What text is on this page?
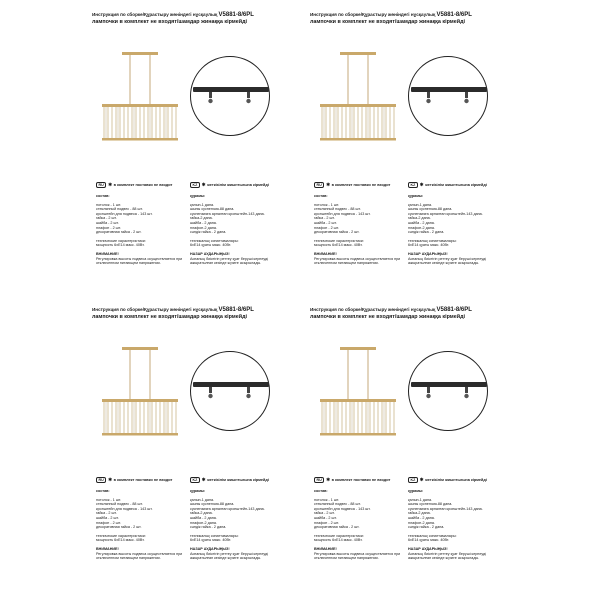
Инструкция по сборке/Құрастыру жөніндегі нұсқаулық V5881-8/6PL
лампочки в комплект не входят/шамдар жинаққа кірмейді
RU ✱ в комплект поставки не входит	KZ ✱ жеткізілім жиынтығына кірмейді
состав:
потолок - 1 шт.
стеклянный подвес - 88 шт.
кронштейн для подвеса - 143 шт.
гайка - 2 шт.
шайба - 2 шт.
плафон - 2 шт.
декоративная гайка - 2 шт.
технические характеристики:
мощность 6хЕ14 макс. 40Вт.
ВНИМАНИЕ!
Регулировка высоты подвеса осуществляется при отключенном питающем напряжении.
құрамы:
қалып-1 дана.
шыны суспензия-88 дана.
суспензияға арналған кронштейн-143 дана.
гайка-2 дана.
шайба - 2 дана.
плафон-2 дана.
сәндік гайка - 2 дана.
техникалық сипаттамалары:
6хЕ14 қуаты макс. 40Вт.
НАЗАР АУДАРЫҢЫЗ!
Аспаның биіктігін реттеу қуат беруші кернеуді ажыратылған кезінде жүзеге асырылады.
Инструкция по сборке/Құрастыру жөніндегі нұсқаулық V5881-8/6PL
лампочки в комплект не входят/шамдар жинаққа кірмейді
RU ✱ в комплект поставки не входит	KZ ✱ жеткізілім жиынтығына кірмейді
состав:
потолок - 1 шт.
стеклянный подвес - 88 шт.
кронштейн для подвеса - 143 шт.
гайка - 2 шт.
шайба - 2 шт.
плафон - 2 шт.
декоративная гайка - 2 шт.
технические характеристики:
мощность 6хЕ14 макс. 40Вт.
ВНИМАНИЕ!
Регулировка высоты подвеса осуществляется при отключенном питающем напряжении.
құрамы:
қалып-1 дана.
шыны суспензия-88 дана.
суспензияға арналған кронштейн-143 дана.
гайка-2 дана.
шайба - 2 дана.
плафон-2 дана.
сәндік гайка - 2 дана.
техникалық сипаттамалары:
6хЕ14 қуаты макс. 40Вт.
НАЗАР АУДАРЫҢЫЗ!
Аспаның биіктігін реттеу қуат беруші кернеуді ажыратылған кезінде жүзеге асырылады.
Инструкция по сборке/Құрастыру жөніндегі нұсқаулық V5881-8/6PL
лампочки в комплект не входят/шамдар жинаққа кірмейді
RU ✱ в комплект поставки не входит	KZ ✱ жеткізілім жиынтығына кірмейді
состав:
потолок - 1 шт.
стеклянный подвес - 88 шт.
кронштейн для подвеса - 143 шт.
гайка - 2 шт.
шайба - 2 шт.
плафон - 2 шт.
декоративная гайка - 2 шт.
технические характеристики:
мощность 6хЕ14 макс. 40Вт.
ВНИМАНИЕ!
Регулировка высоты подвеса осуществляется при отключенном питающем напряжении.
құрамы:
қалып-1 дана.
шыны суспензия-88 дана.
суспензияға арналған кронштейн-143 дана.
гайка-2 дана.
шайба - 2 дана.
плафон-2 дана.
сәндік гайка - 2 дана.
техникалық сипаттамалары:
6хЕ14 қуаты макс. 40Вт.
НАЗАР АУДАРЫҢЫЗ!
Аспаның биіктігін реттеу қуат беруші кернеуді ажыратылған кезінде жүзеге асырылады.
Инструкция по сборке/Құрастыру жөніндегі нұсқаулық V5881-8/6PL
лампочки в комплект не входят/шамдар жинаққа кірмейді
RU ✱ в комплект поставки не входит	KZ ✱ жеткізілім жиынтығына кірмейді
состав:
потолок - 1 шт.
стеклянный подвес - 88 шт.
кронштейн для подвеса - 143 шт.
гайка - 2 шт.
шайба - 2 шт.
плафон - 2 шт.
декоративная гайка - 2 шт.
технические характеристики:
мощность 6хЕ14 макс. 40Вт.
ВНИМАНИЕ!
Регулировка высоты подвеса осуществляется при отключенном питающем напряжении.
құрамы:
қалып-1 дана.
шыны суспензия-88 дана.
суспензияға арналған кронштейн-143 дана.
гайка-2 дана.
шайба - 2 дана.
плафон-2 дана.
сәндік гайка - 2 дана.
техникалық сипаттамалары:
6хЕ14 қуаты макс. 40Вт.
НАЗАР АУДАРЫҢЫЗ!
Аспаның биіктігін реттеу қуат беруші кернеуді ажыратылған кезінде жүзеге асырылады.
